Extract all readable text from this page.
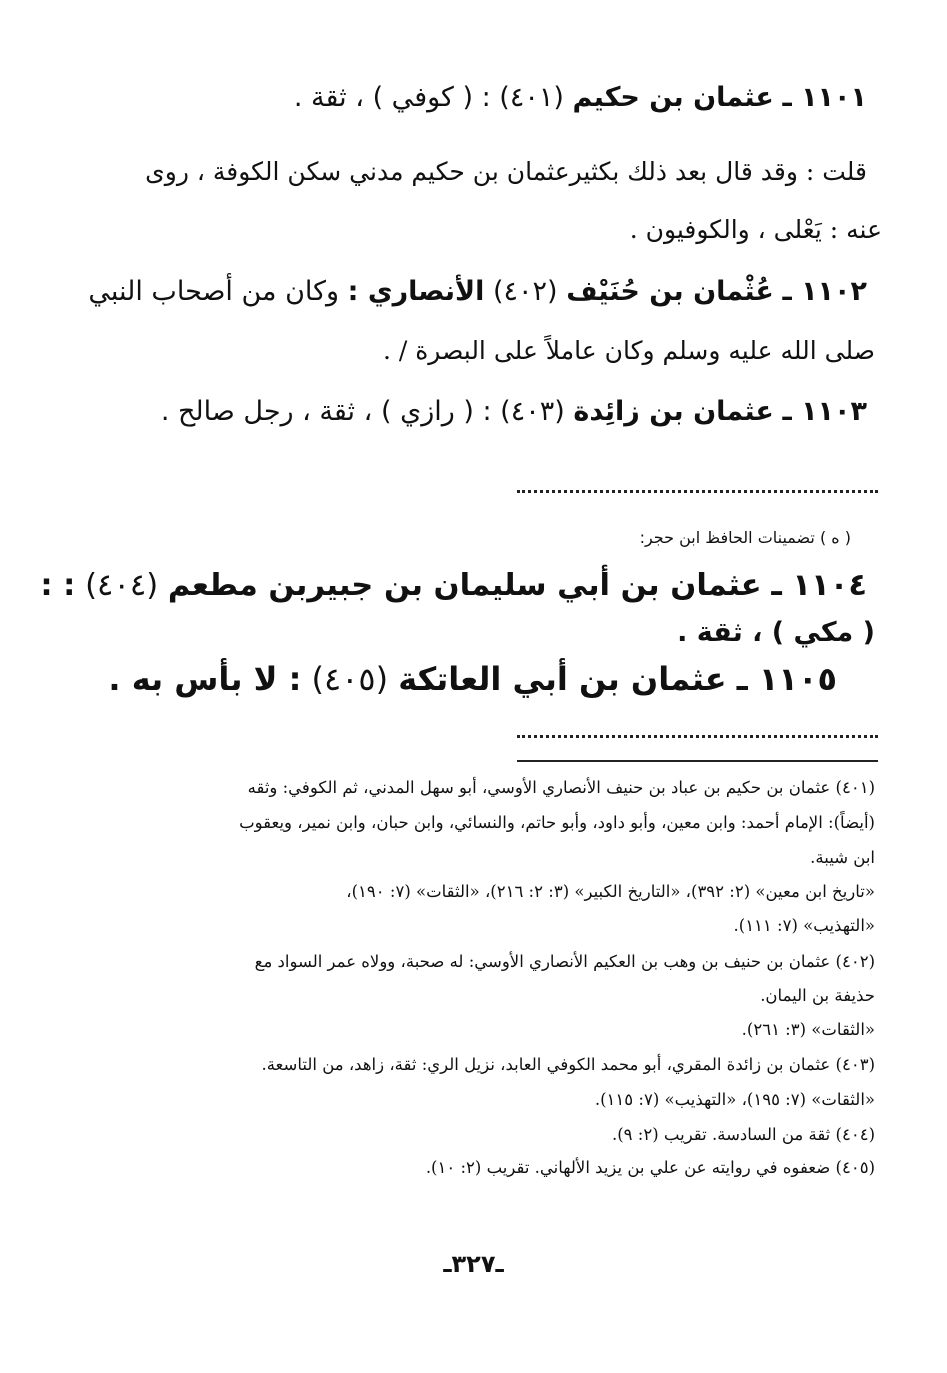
١١٠١ ـ عثمان بن حكيم (٤٠١) : ( كوفي ) ، ثقة .
قلت : وقد قال بعد ذلك بكثيرعثمان بن حكيم مدني سكن الكوفة ، روى
عنه : يَعْلى ، والكوفيون .
١١٠٢ ـ عُثْمان بن حُنَيْف (٤٠٢) الأنصاري : وكان من أصحاب النبي
صلى الله عليه وسلم وكان عاملاً على البصرة / .
١١٠٣ ـ عثمان بن زائِدة (٤٠٣) : ( رازي ) ، ثقة ، رجل صالح .
( ه ) تضمينات الحافظ ابن حجر:
١١٠٤ ـ عثمان بن أبي سليمان بن جبيربن مطعم (٤٠٤) : :
( مكي ) ، ثقة .
١١٠٥ ـ عثمان بن أبي العاتكة (٤٠٥) : لا بأس به .
(٤٠١) عثمان بن حكيم بن عباد بن حنيف الأنصاري الأوسي، أبو سهل المدني، ثم الكوفي: وثقه
(أيضاً): الإمام أحمد: وابن معين، وأبو داود، وأبو حاتم، والنسائي، وابن حبان، وابن نمير، ويعقوب
ابن شيبة.
«تاريخ ابن معين» (٢: ٣٩٢)، «التاريخ الكبير» (٣: ٢: ٢١٦)، «الثقات» (٧: ١٩٠)،
«التهذيب» (٧: ١١١).
(٤٠٢) عثمان بن حنيف بن وهب بن العكيم الأنصاري الأوسي: له صحبة، وولاه عمر السواد مع
حذيفة بن اليمان.
«الثقات» (٣: ٢٦١).
(٤٠٣) عثمان بن زائدة المقري، أبو محمد الكوفي العابد، نزيل الري: ثقة، زاهد، من التاسعة.
«الثقات» (٧: ١٩٥)، «التهذيب» (٧: ١١٥).
(٤٠٤) ثقة من السادسة. تقريب (٢: ٩).
(٤٠٥) ضعفوه في روايته عن علي بن يزيد الألهاني. تقريب (٢: ١٠).
ـ٣٢٧ـ
